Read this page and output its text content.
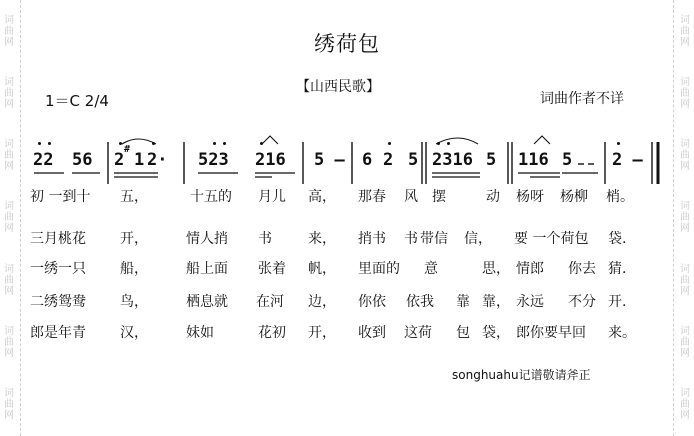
词
曲
网
词
曲
网
词
曲
网
词
曲
网
词
曲
网
词
曲
网
词
曲
网
词
曲
网
词
曲
网
词
曲
网
词
曲
网
词
曲
网
词
曲
网
词
曲
网
绣荷包
【山西民歌】
1＝C 2/4	词曲作者不详
22 56 2
#
1 2· 523 216 5 – 6 2 5 2316 5 116 5 2 –
初 一到十 五，	十五的 月儿 高， 那春 风 摆	动 杨呀 杨柳 梢。
三月桃花 开，	情人捎 书	来， 捎书 书 带信 信， 要 一个荷包 袋.
一绣一只 船，	船上面 张着 帆， 里面的 意	思， 情郎 你去 猜.
二绣鸳鸯 鸟，	栖息就 在河 边， 你依 依我 靠 靠， 永远 不分 开.
郎是年青 汉，	妹如	花初 开， 收到 这荷 包 袋， 郎你要早回 来。
songhuahu记谱敬请斧正
